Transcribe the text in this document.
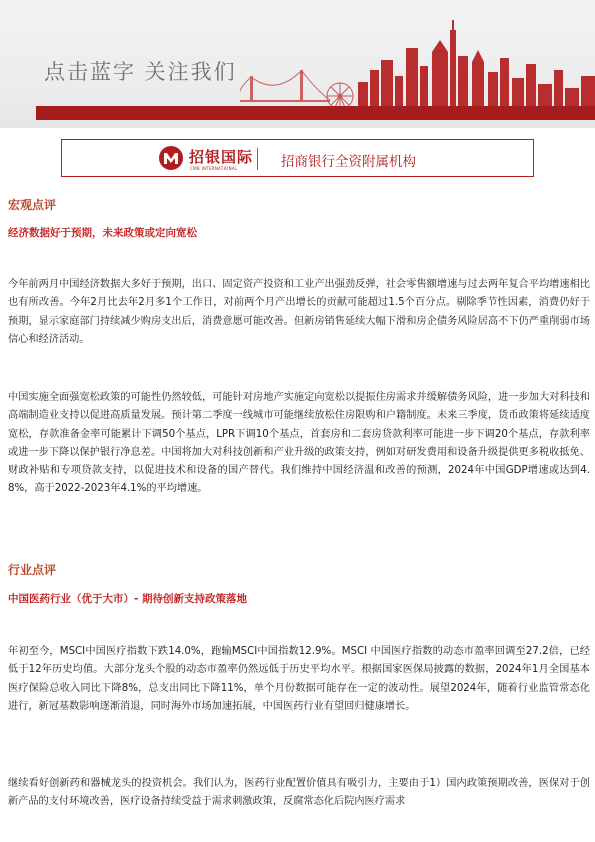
点击蓝字 关注我们
招银国际
CMB INTERNATIONAL	招商银行全资附属机构
宏观点评
经济数据好于预期，未来政策或定向宽松

今年前两月中国经济数据大多好于预期，出口、固定资产投资和工业产出强劲反弹，社会零售额增速与过去两年复合平均增速相比也有所改善。今年2月比去年2月多1个工作日，对前两个月产出增长的贡献可能超过1.5个百分点。剔除季节性因素，消费仍好于预期，显示家庭部门持续减少购房支出后，消费意愿可能改善。但新房销售延续大幅下滑和房企债务风险居高不下仍严重削弱市场信心和经济活动。

中国实施全面强宽松政策的可能性仍然较低，可能针对房地产实施定向宽松以提振住房需求并缓解债务风险，进一步加大对科技和高端制造业支持以促进高质量发展。预计第二季度一线城市可能继续放松住房限购和户籍制度。未来三季度，货币政策将延续适度宽松，存款准备金率可能累计下调50个基点，LPR下调10个基点，首套房和二套房贷款利率可能进一步下调20个基点，存款利率或进一步下降以保护银行净息差。中国将加大对科技创新和产业升级的政策支持，例如对研发费用和设备升级提供更多税收抵免、财政补贴和专项贷款支持，以促进技术和设备的国产替代。我们维持中国经济温和改善的预测，2024年中国GDP增速或达到4.8%，高于2022-2023年4.1%的平均增速。

行业点评
中国医药行业（优于大市）- 期待创新支持政策落地

年初至今，MSCI中国医疗指数下跌14.0%，跑输MSCI中国指数12.9%。MSCI 中国医疗指数的动态市盈率回调至27.2倍，已经低于12年历史均值。大部分龙头个股的动态市盈率仍然远低于历史平均水平。根据国家医保局披露的数据，2024年1月全国基本医疗保险总收入同比下降8%，总支出同比下降11%，单个月份数据可能存在一定的波动性。展望2024年，随着行业监管常态化进行，新冠基数影响逐渐消退，同时海外市场加速拓展，中国医药行业有望回归健康增长。

继续看好创新药和器械龙头的投资机会。我们认为，医药行业配置价值具有吸引力，主要由于1）国内政策预期改善，医保对于创新产品的支付环境改善，医疗设备持续受益于需求刺激政策，反腐常态化后院内医疗需求
